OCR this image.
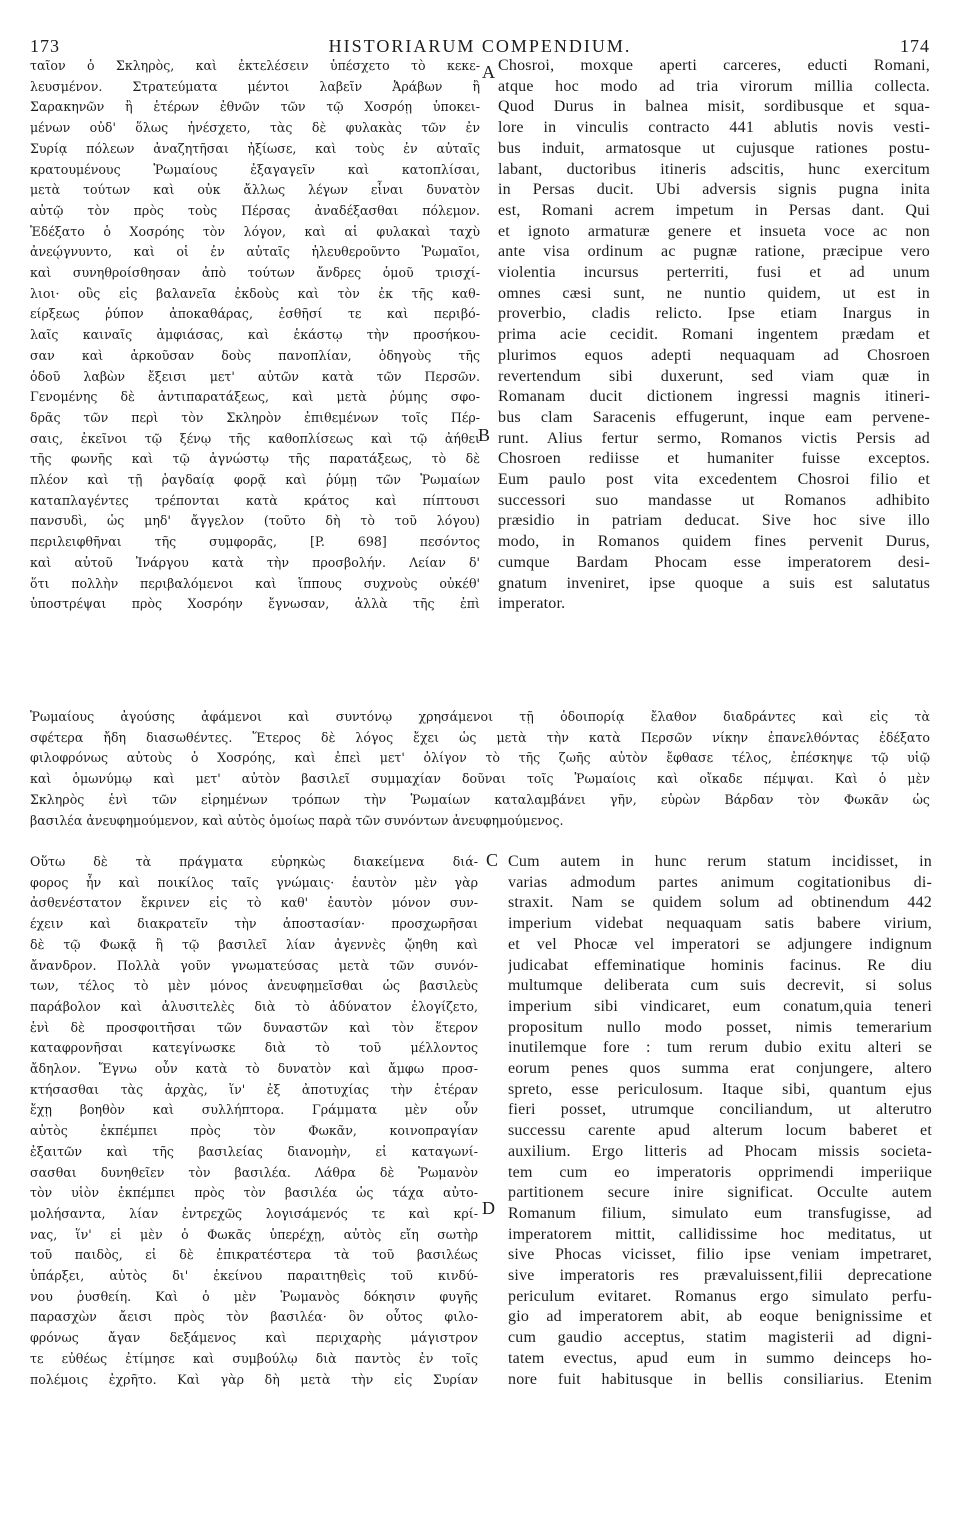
173	HISTORIARUM COMPENDIUM.	174
ταῖον ὁ Σκληρὸς, καὶ ἐκτελέσειν ὑπέσχετο τὸ κεκε-
λευσμένον. Στρατεύματα μέντοι λαβεῖν Ἀράβων ἢ
Σαρακηνῶν ἢ ἑτέρων ἐθνῶν τῶν τῷ Χοσρόῃ ὑποκει-
μένων οὐδ' ὅλως ἠνέσχετο, τὰς δὲ φυλακὰς τῶν ἐν
Συρίᾳ πόλεων ἀναζητῆσαι ἠξίωσε, καὶ τοὺς ἐν αὐταῖς
κρατουμένους Ῥωμαίους ἐξαγαγεῖν καὶ κατοπλίσαι,
μετὰ τούτων καὶ οὐκ ἄλλως λέγων εἶναι δυνατὸν
αὐτῷ τὸν πρὸς τοὺς Πέρσας ἀναδέξασθαι πόλεμον.
Ἐδέξατο ὁ Χοσρόης τὸν λόγον, καὶ αἱ φυλακαὶ ταχὺ
ἀνεῴγνυντο, καὶ οἱ ἐν αὐταῖς ἠλευθεροῦντο Ῥωμαῖοι,
καὶ συνηθροίσθησαν ἀπὸ τούτων ἄνδρες ὁμοῦ τρισχί-
λιοι· οὓς εἰς βαλανεῖα ἐκδοὺς καὶ τὸν ἐκ τῆς καθ-
είρξεως ῥύπον ἀποκαθάρας, ἐσθῆσί τε καὶ περιβό-
λαῖς καιναῖς ἀμφιάσας, καὶ ἑκάστῳ τὴν προσήκου-
σαν καὶ ἀρκοῦσαν δοὺς πανοπλίαν, ὁδηγοὺς τῆς
ὁδοῦ λαβὼν ἔξεισι μετ' αὐτῶν κατὰ τῶν Περσῶν.
Γενομένης δὲ ἀντιπαρατάξεως, καὶ μετὰ ῥύμης σφο-
δρᾶς τῶν περὶ τὸν Σκληρὸν ἐπιθεμένων τοῖς Πέρ-
σαις, ἐκεῖνοι τῷ ξένῳ τῆς καθοπλίσεως καὶ τῷ ἀήθει
τῆς φωνῆς καὶ τῷ ἀγνώστῳ τῆς παρατάξεως, τὸ δὲ
πλέον καὶ τῇ ῥαγδαίᾳ φορᾷ καὶ ῥύμῃ τῶν Ῥωμαίων
καταπλαγέντες τρέπονται κατὰ κράτος καὶ πίπτουσι
πανσυδὶ, ὡς μηδ' ἄγγελον (τοῦτο δὴ τὸ τοῦ λόγου)
περιλειφθῆναι τῆς συμφορᾶς, [P. 698] πεσόντος
καὶ αὐτοῦ Ἰνάργου κατὰ τὴν προσβολήν. Λείαν δ'
ὅτι πολλὴν περιβαλόμενοι καὶ ἵππους συχνοὺς οὐκέθ'
ὑποστρέψαι πρὸς Χοσρόην ἔγνωσαν, ἀλλὰ τῆς ἐπὶ
Chosroi, moxque aperti carceres, educti Romani,
atque hoc modo ad tria virorum millia collecta.
Quod Durus in balnea misit, sordibusque et squa-
lore in vinculis contracto 441 ablutis novis vesti-
bus induit, armatosque ut cujusque rationes postu-
labant, ductoribus itineris adscitis, hunc exercitum
in Persas ducit. Ubi adversis signis pugna inita
est, Romani acrem impetum in Persas dant. Qui
et ignoto armaturæ genere et insueta voce ac non
ante visa ordinum ac pugnæ ratione, præcipue vero
violentia incursus perterriti, fusi et ad unum
omnes cæsi sunt, ne nuntio quidem, ut est in
proverbio, cladis relicto. Ipse etiam Inargus in
prima acie cecidit. Romani ingentem prædam et
plurimos equos adepti nequaquam ad Chosroen
revertendum sibi duxerunt, sed viam quæ in
Romanam ducit dictionem ingressi magnis itineri-
bus clam Saracenis effugerunt, inque eam pervene-
runt. Alius fertur sermo, Romanos victis Persis ad
Chosroen rediisse et humaniter fuisse exceptos.
Eum paulo post vita excedentem Chosroi filio et
successori suo mandasse ut Romanos adhibito
præsidio in patriam deducat. Sive hoc sive illo
modo, in Romanos quidem fines pervenit Durus,
cumque Bardam Phocam esse imperatorem desi-
gnatum inveniret, ipse quoque a suis est salutatus
imperator.
Ῥωμαίους ἀγούσης ἀφάμενοι καὶ συντόνῳ χρησάμενοι τῇ ὁδοιπορίᾳ ἔλαθον διαδράντες καὶ εἰς τὰ
σφέτερα ἤδη διασωθέντες. Ἕτερος δὲ λόγος ἔχει ὡς μετὰ τὴν κατὰ Περσῶν νίκην ἐπανελθόντας ἐδέξατο
φιλοφρόνως αὐτοὺς ὁ Χοσρόης, καὶ ἐπεὶ μετ' ὀλίγον τὸ τῆς ζωῆς αὐτὸν ἔφθασε τέλος, ἐπέσκηψε τῷ υἱῷ
καὶ ὁμωνύμῳ καὶ μετ' αὐτὸν βασιλεῖ συμμαχίαν δοῦναι τοῖς Ῥωμαίοις καὶ οἴκαδε πέμψαι. Καὶ ὁ μὲν
Σκληρὸς ἑνὶ τῶν εἰρημένων τρόπων τὴν Ῥωμαίων καταλαμβάνει γῆν, εὑρὼν Βάρδαν τὸν Φωκᾶν ὡς
βασιλέα ἀνευφημούμενον, καὶ αὐτὸς ὁμοίως παρὰ τῶν συνόντων ἀνευφημούμενος.
Οὕτω δὲ τὰ πράγματα εὑρηκὼς διακείμενα διά-
φορος ἦν καὶ ποικίλος ταῖς γνώμαις· ἑαυτὸν μὲν γὰρ
ἀσθενέστατον ἔκρινεν εἰς τὸ καθ' ἑαυτὸν μόνον συν-
έχειν καὶ διακρατεῖν τὴν ἀποστασίαν· προσχωρῆσαι
δὲ τῷ Φωκᾷ ἢ τῷ βασιλεῖ λίαν ἀγεννὲς ᾤηθη καὶ
ἄνανδρον. Πολλὰ γοῦν γνωματεύσας μετὰ τῶν συνόν-
των, τέλος τὸ μὲν μόνος ἀνευφημεῖσθαι ὡς βασιλεὺς
παράβολον καὶ ἀλυσιτελὲς διὰ τὸ ἀδύνατον ἐλογίζετο,
ἑνὶ δὲ προσφοιτῆσαι τῶν δυναστῶν καὶ τὸν ἕτερον
καταφρονῆσαι κατεγίνωσκε διὰ τὸ τοῦ μέλλοντος
ἄδηλον. Ἔγνω οὖν κατὰ τὸ δυνατὸν καὶ ἄμφω προσ-
κτήσασθαι τὰς ἀρχὰς, ἵν' ἐξ ἀποτυχίας τὴν ἑτέραν
ἔχῃ βοηθὸν καὶ συλλήπτορα. Γράμματα μὲν οὖν
αὐτὸς ἐκπέμπει πρὸς τὸν Φωκᾶν, κοινοπραγίαν
ἐξαιτῶν καὶ τῆς βασιλείας διανομὴν, εἰ καταγωνί-
σασθαι δυνηθεῖεν τὸν βασιλέα. Λάθρα δὲ Ῥωμανὸν
τὸν υἱὸν ἐκπέμπει πρὸς τὸν βασιλέα ὡς τάχα αὐτο-
μολήσαντα, λίαν ἐντρεχῶς λογισάμενός τε καὶ κρί-
νας, ἵν' εἰ μὲν ὁ Φωκᾶς ὑπερέχῃ, αὐτὸς εἴη σωτὴρ
τοῦ παιδὸς, εἰ δὲ ἐπικρατέστερα τὰ τοῦ βασιλέως
ὑπάρξει, αὐτὸς δι' ἐκείνου παραιτηθεὶς τοῦ κινδύ-
νου ῥυσθείη. Καὶ ὁ μὲν Ῥωμανὸς δόκησιν φυγῆς
παρασχὼν ἄεισι πρὸς τὸν βασιλέα· ὃν οὗτος φιλο-
φρόνως ἄγαν δεξάμενος καὶ περιχαρὴς μάγιστρον
τε εὐθέως ἐτίμησε καὶ συμβούλῳ διὰ παντὸς ἐν τοῖς
πολέμοις ἐχρῆτο. Καὶ γὰρ δὴ μετὰ τὴν εἰς Συρίαν
Cum autem in hunc rerum statum incidisset, in
varias admodum partes animum cogitationibus di-
straxit. Nam se quidem solum ad obtinendum 442
imperium videbat nequaquam satis babere virium,
et vel Phocæ vel imperatori se adjungere indignum
judicabat effeminatique hominis facinus. Re diu
multumque deliberata cum suis decrevit, si solus
imperium sibi vindicaret, eum conatum,quia teneri
propositum nullo modo posset, nimis temerarium
inutilemque fore : tum rerum dubio exitu alteri se
eorum penes quos summa erat conjungere, altero
spreto, esse periculosum. Itaque sibi, quantum ejus
fieri posset, utrumque conciliandum, ut alterutro
successu carente apud alterum locum baberet et
auxilium. Ergo litteris ad Phocam missis societa-
tem cum eo imperatoris opprimendi imperiique
partitionem secure inire significat. Occulte autem
Romanum filium, simulato eum transfugisse, ad
imperatorem mittit, callidissime hoc meditatus, ut
sive Phocas vicisset, filio ipse veniam impetraret,
sive imperatoris res prævaluissent,filii deprecatione
periculum evitaret. Romanus ergo simulato perfu-
gio ad imperatorem abit, ab eoque benignissime et
cum gaudio acceptus, statim magisterii ad digni-
tatem evectus, apud eum in summo deinceps ho-
nore fuit habitusque in bellis consiliarius. Etenim
A
B
C
D
